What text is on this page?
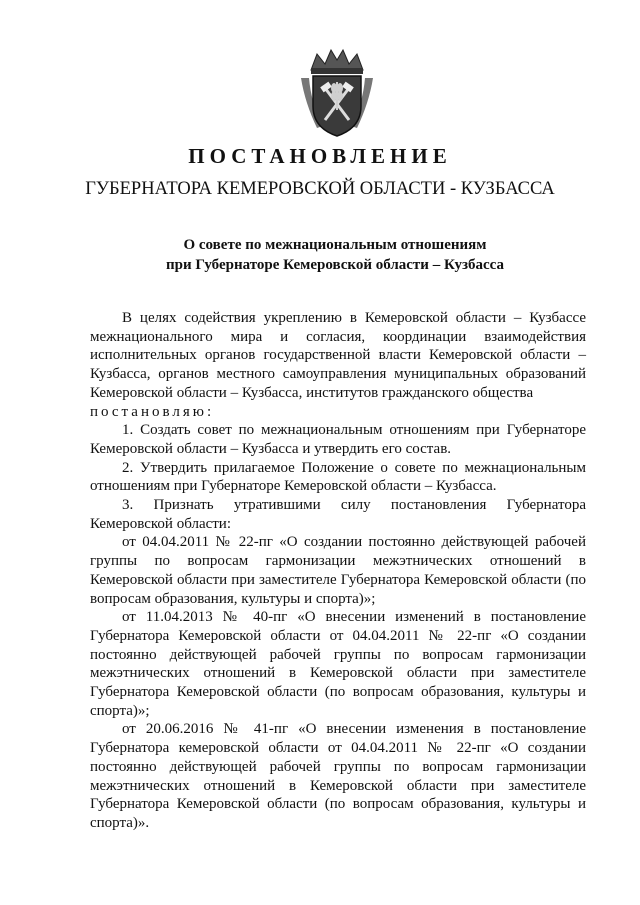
ПОСТАНОВЛЕНИЕ
ГУБЕРНАТОРА КЕМЕРОВСКОЙ ОБЛАСТИ - КУЗБАССА
О совете по межнациональным отношениям
при Губернаторе Кемеровской области – Кузбасса

В целях содействия укреплению в Кемеровской области – Кузбассе межнационального мира и согласия, координации взаимодействия исполнительных органов государственной власти Кемеровской области – Кузбасса, органов местного самоуправления муниципальных образований Кемеровской области – Кузбасса, институтов гражданского общества

постановляю:

1. Создать совет по межнациональным отношениям при Губернаторе Кемеровской области – Кузбасса и утвердить его состав.

2. Утвердить прилагаемое Положение о совете по межнациональным отношениям при Губернаторе Кемеровской области – Кузбасса.

3. Признать утратившими силу постановления Губернатора Кемеровской области:

от 04.04.2011 № 22-пг «О создании постоянно действующей рабочей группы по вопросам гармонизации межэтнических отношений в Кемеровской области при заместителе Губернатора Кемеровской области (по вопросам образования, культуры и спорта)»;

от 11.04.2013 № 40-пг «О внесении изменений в постановление Губернатора Кемеровской области от 04.04.2011 № 22-пг «О создании постоянно действующей рабочей группы по вопросам гармонизации межэтнических отношений в Кемеровской области при заместителе Губернатора Кемеровской области (по вопросам образования, культуры и спорта)»;

от 20.06.2016 № 41-пг «О внесении изменения в постановление Губернатора кемеровской области от 04.04.2011 № 22-пг «О создании постоянно действующей рабочей группы по вопросам гармонизации межэтнических отношений в Кемеровской области при заместителе Губернатора Кемеровской области (по вопросам образования, культуры и спорта)».
